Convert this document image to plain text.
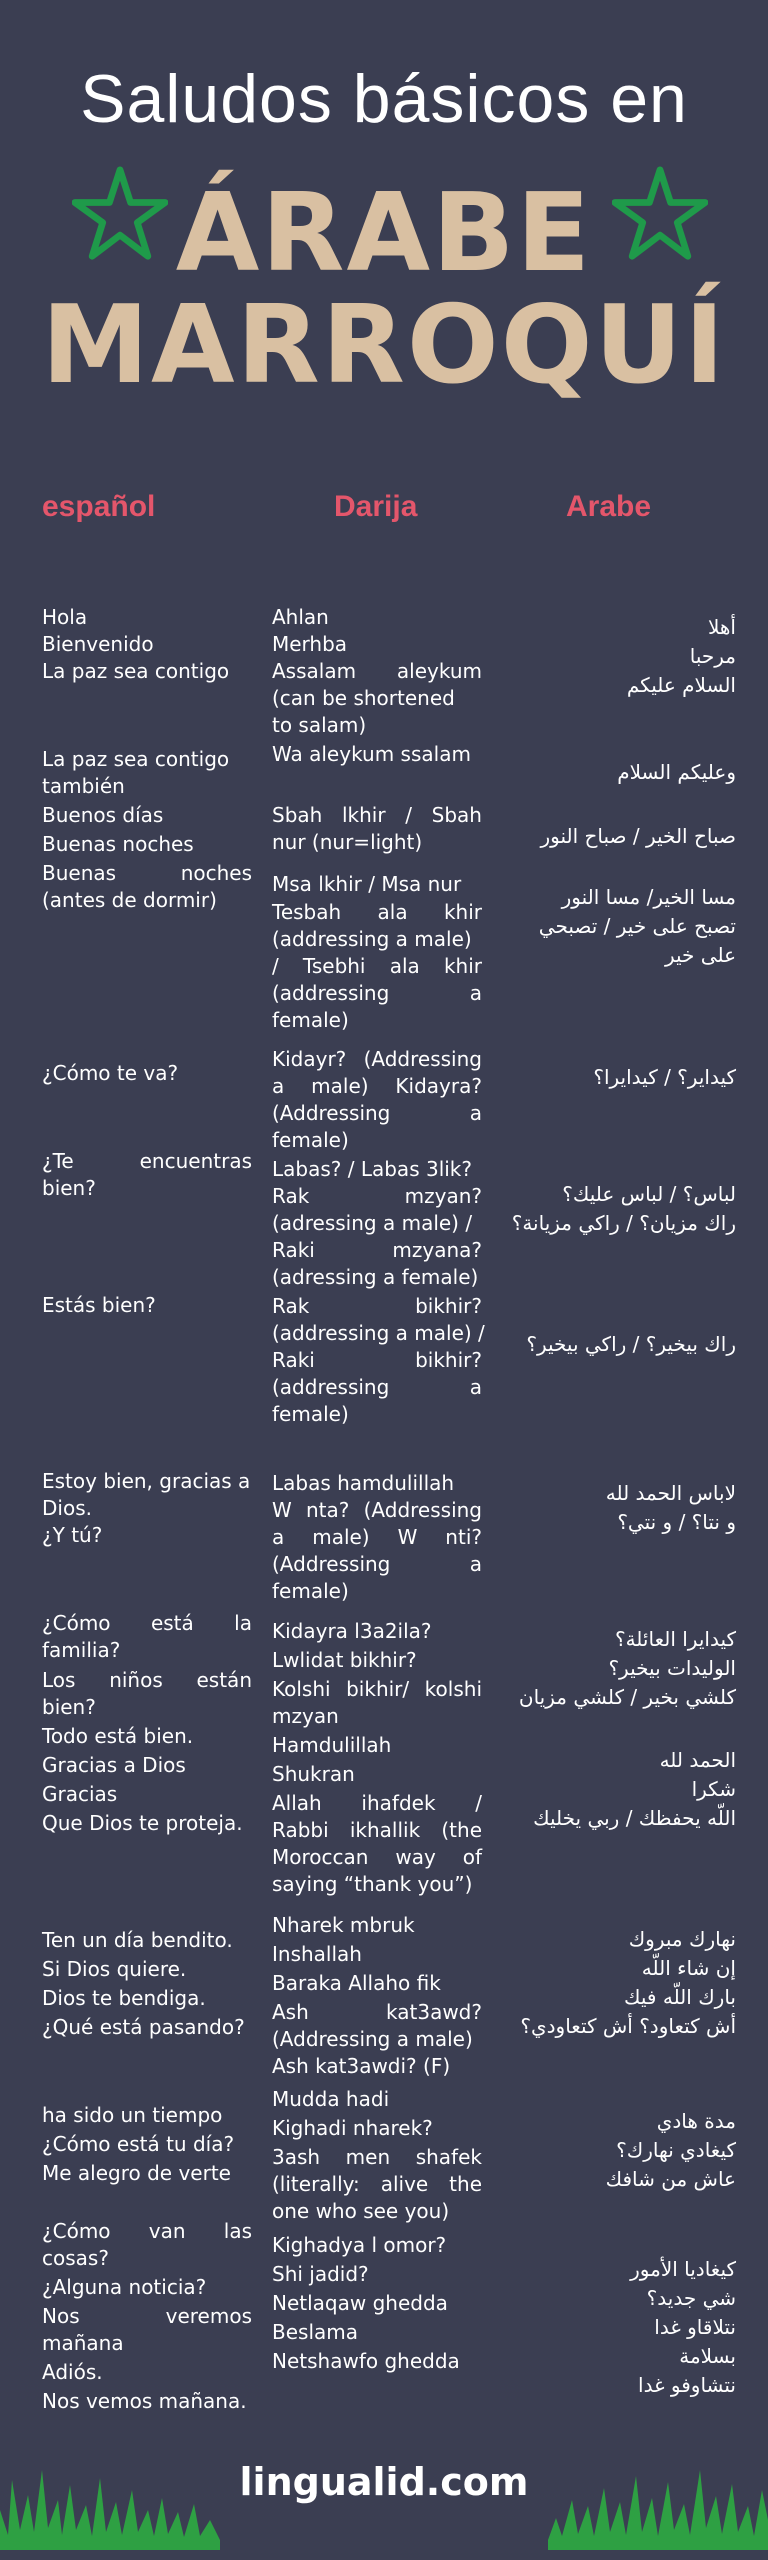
Saludos básicos en
ÁRABE
MARROQUÍ
español	Darija	Arabe
Hola
Bienvenido
La paz sea contigo
La paz sea contigo
también
Buenos días
Buenas noches
Buenas noches
(antes de dormir)
¿Cómo te va?
¿Te encuentras
bien?
Estás bien?
Estoy bien, gracias a
Dios.
¿Y tú?
¿Cómo está la
familia?
Los niños están
bien?
Todo está bien.
Gracias a Dios
Gracias
Que Dios te proteja.
Ten un día bendito.
Si Dios quiere.
Dios te bendiga.
¿Qué está pasando?
ha sido un tiempo
¿Cómo está tu día?
Me alegro de verte
¿Cómo van las
cosas?
¿Alguna noticia?
Nos veremos
mañana
Adiós.
Nos vemos mañana.
Ahlan
Merhba
Assalam aleykum
(can be shortened
to salam)
Wa aleykum ssalam
Sbah lkhir / Sbah
nur (nur=light)
Msa lkhir / Msa nur
Tesbah ala khir
(addressing a male)
/ Tsebhi ala khir
(addressing a
female)
Kidayr? (Addressing
a male) Kidayra?
(Addressing a
female)
Labas? / Labas 3lik?
Rak mzyan?
(adressing a male) /
Raki mzyana?
(adressing a female)
Rak bikhir?
(addressing a male) /
Raki bikhir?
(addressing a
female)
Labas hamdulillah
W nta? (Addressing
a male) W nti?
(Addressing a
female)
Kidayra l3a2ila?
Lwlidat bikhir?
Kolshi bikhir/ kolshi
mzyan
Hamdulillah
Shukran
Allah ihafdek /
Rabbi ikhallik (the
Moroccan way of
saying “thank you”)
Nharek mbruk
Inshallah
Baraka Allaho fik
Ash kat3awd?
(Addressing a male)
Ash kat3awdi? (F)
Mudda hadi
Kighadi nharek?
3ash men shafek
(literally: alive the
one who see you)
Kighadya l omor?
Shi jadid?
Netlaqaw ghedda
Beslama
Netshawfo ghedda
أهلا
مرحبا
السلام عليكم
وعليكم السلام
صباح الخير / صباح النور
مسا الخير/ مسا النور
تصبح على خير / تصبحي
على خير
كيداير؟ / كيدايرا؟
لباس؟ / لباس عليك؟
راك مزيان؟ / راكي مزيانة؟
راك بيخير؟ / راكي بيخير؟
لاباس الحمد لله
و نتا؟ / و نتي؟
كيدايرا العائلة؟
الوليدات بيخير؟
كلشي بخير / كلشي مزيان
الحمد لله
شكرا
اللّه يحفظك / ربي يخليك
نهارك مبروك
إن شاء اللّه
بارك اللّه فيك
أش كتعاود؟ أش كتعاودي؟
مدة هادي
كيغادي نهارك؟
عاش من شافك
كيغاديا الأمور
شي جديد؟
نتلاقاو غدا
بسلامة
نتشاوفو غدا
lingualid.com
